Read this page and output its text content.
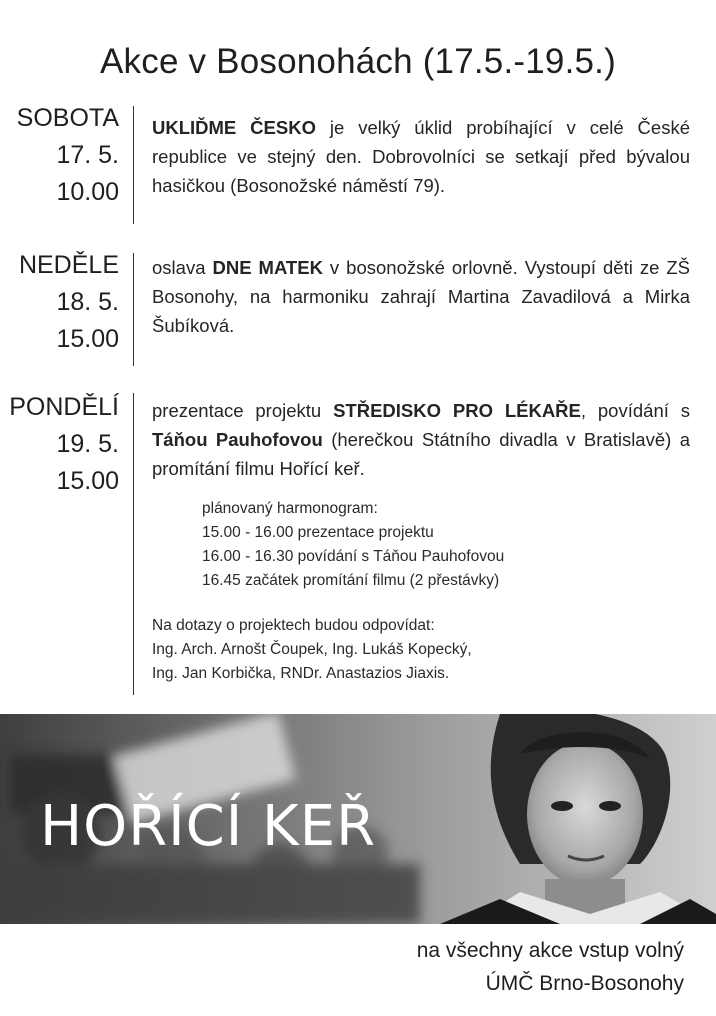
Akce v Bosonohách (17.5.-19.5.)
SOBOTA
17. 5.
10.00
UKLIĎME ČESKO je velký úklid probíhající v celé České republice ve stejný den. Dobrovolníci se setkají před bývalou hasičkou (Bosonožské náměstí 79).
NEDĚLE
18. 5.
15.00
oslava DNE MATEK v bosonožské orlovně. Vystoupí děti ze ZŠ Bosonohy, na harmoniku zahrají Martina Zavadilová a Mirka Šubíková.
PONDĚLÍ
19. 5.
15.00
prezentace projektu STŘEDISKO PRO LÉKAŘE, povídání s Táňou Pauhofovou (herečkou Státního divadla v Bratislavě) a promítání filmu Hořící keř.
plánovaný harmonogram:
15.00 - 16.00 prezentace projektu
16.00 - 16.30 povídání s Táňou Pauhofovou
16.45 začátek promítání filmu (2 přestávky)
Na dotazy o projektech budou odpovídat:
Ing. Arch. Arnošt Čoupek, Ing. Lukáš Kopecký,
Ing. Jan Korbička, RNDr. Anastazios Jiaxis.
HOŘÍCÍ KEŘ
na všechny akce vstup volný
ÚMČ Brno-Bosonohy
